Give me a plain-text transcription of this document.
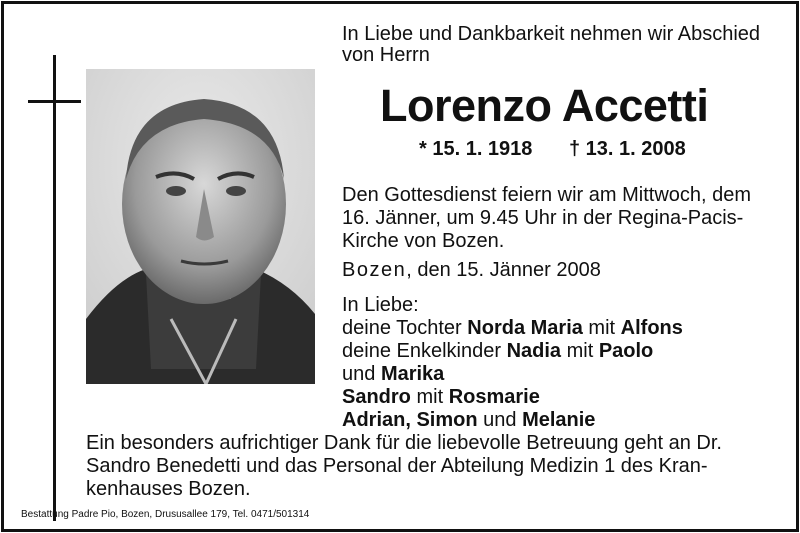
In Liebe und Dankbarkeit nehmen wir Abschied
von Herrn
Lorenzo Accetti
* 15. 1. 1918 † 13. 1. 2008
Den Gottesdienst feiern wir am Mittwoch, dem
16. Jänner, um 9.45 Uhr in der Regina-Pacis-
Kirche von Bozen.
Bozen, den 15. Jänner 2008
In Liebe:
deine Tochter Norda Maria mit Alfons
deine Enkelkinder Nadia mit Paolo
und Marika
Sandro mit Rosmarie
Adrian, Simon und Melanie
Ein besonders aufrichtiger Dank für die liebevolle Betreuung geht an Dr.
Sandro Benedetti und das Personal der Abteilung Medizin 1 des Kran-
kenhauses Bozen.
Bestattung Padre Pio, Bozen, Drususallee 179, Tel. 0471/501314
